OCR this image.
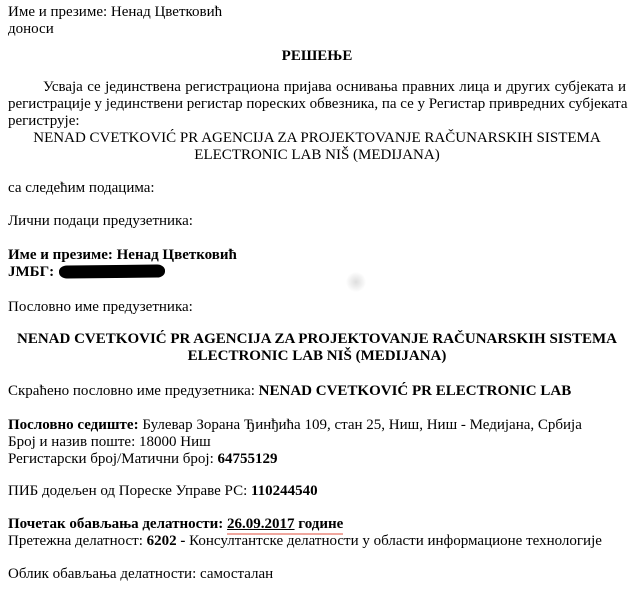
Име и презиме: Ненад Цветковић

доноси

РЕШЕЊЕ

Усваја се јединствена регистрациона пријава оснивања правних лица и других субјеката и
регистрације у јединствени регистар пореских обвезника, па се у Регистар привредних субјеката
региструје:

NENAD CVETKOVIĆ PR AGENCIJA ZA PROJEKTOVANJE RAČUNARSKIH SISTEMA

ELECTRONIC LAB NIŠ (MEDIJANA)

са следећим подацима:

Лични подаци предузетника:

Име и презиме: Ненад Цветковић

ЈМБГ:

Пословно име предузетника:

NENAD CVETKOVIĆ PR AGENCIJA ZA PROJEKTOVANJE RAČUNARSKIH SISTEMA

ELECTRONIC LAB NIŠ (MEDIJANA)

Скраћено пословно име предузетника: NENAD CVETKOVIĆ PR ELECTRONIC LAB

Пословно седиште: Булевар Зорана Ђинђића 109, стан 25, Ниш, Ниш - Медијана, Србија

Број и назив поште: 18000 Ниш

Регистарски број/Матични број: 64755129

ПИБ додељен од Пореске Управе РС: 110244540

Почетак обављања делатности: 26.09.2017 године

Претежна делатност: 6202 - Консултантске делатности у области информационе технологије

Облик обављања делатности: самосталан
